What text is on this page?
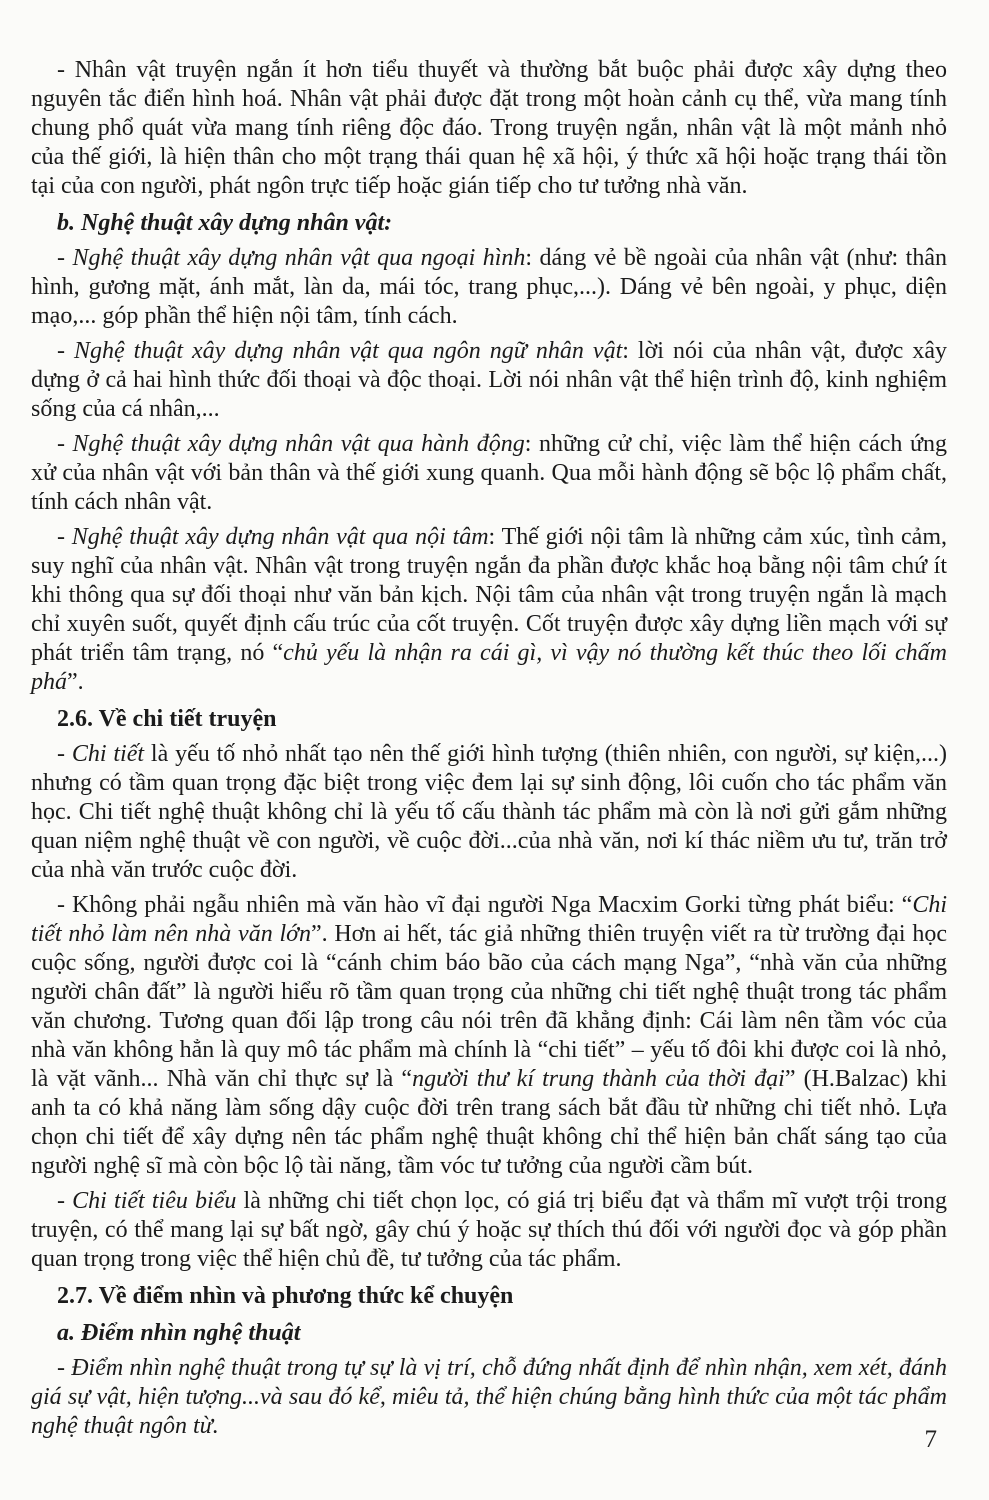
- Nhân vật truyện ngắn ít hơn tiểu thuyết và thường bắt buộc phải được xây dựng theo nguyên tắc điển hình hoá. Nhân vật phải được đặt trong một hoàn cảnh cụ thể, vừa mang tính chung phổ quát vừa mang tính riêng độc đáo. Trong truyện ngắn, nhân vật là một mảnh nhỏ của thế giới, là hiện thân cho một trạng thái quan hệ xã hội, ý thức xã hội hoặc trạng thái tồn tại của con người, phát ngôn trực tiếp hoặc gián tiếp cho tư tưởng nhà văn.

b. Nghệ thuật xây dựng nhân vật:

- Nghệ thuật xây dựng nhân vật qua ngoại hình: dáng vẻ bề ngoài của nhân vật (như: thân hình, gương mặt, ánh mắt, làn da, mái tóc, trang phục,...). Dáng vẻ bên ngoài, y phục, diện mạo,... góp phần thể hiện nội tâm, tính cách.

- Nghệ thuật xây dựng nhân vật qua ngôn ngữ nhân vật: lời nói của nhân vật, được xây dựng ở cả hai hình thức đối thoại và độc thoại. Lời nói nhân vật thể hiện trình độ, kinh nghiệm sống của cá nhân,...

- Nghệ thuật xây dựng nhân vật qua hành động: những cử chỉ, việc làm thể hiện cách ứng xử của nhân vật với bản thân và thế giới xung quanh. Qua mỗi hành động sẽ bộc lộ phẩm chất, tính cách nhân vật.

- Nghệ thuật xây dựng nhân vật qua nội tâm: Thế giới nội tâm là những cảm xúc, tình cảm, suy nghĩ của nhân vật. Nhân vật trong truyện ngắn đa phần được khắc hoạ bằng nội tâm chứ ít khi thông qua sự đối thoại như văn bản kịch. Nội tâm của nhân vật trong truyện ngắn là mạch chỉ xuyên suốt, quyết định cấu trúc của cốt truyện. Cốt truyện được xây dựng liền mạch với sự phát triển tâm trạng, nó “chủ yếu là nhận ra cái gì, vì vậy nó thường kết thúc theo lối chấm phá”.

2.6. Về chi tiết truyện

- Chi tiết là yếu tố nhỏ nhất tạo nên thế giới hình tượng (thiên nhiên, con người, sự kiện,...) nhưng có tầm quan trọng đặc biệt trong việc đem lại sự sinh động, lôi cuốn cho tác phẩm văn học. Chi tiết nghệ thuật không chỉ là yếu tố cấu thành tác phẩm mà còn là nơi gửi gắm những quan niệm nghệ thuật về con người, về cuộc đời...của nhà văn, nơi kí thác niềm ưu tư, trăn trở của nhà văn trước cuộc đời.

- Không phải ngẫu nhiên mà văn hào vĩ đại người Nga Macxim Gorki từng phát biểu: “Chi tiết nhỏ làm nên nhà văn lớn”. Hơn ai hết, tác giả những thiên truyện viết ra từ trường đại học cuộc sống, người được coi là “cánh chim báo bão của cách mạng Nga”, “nhà văn của những người chân đất” là người hiểu rõ tầm quan trọng của những chi tiết nghệ thuật trong tác phẩm văn chương. Tương quan đối lập trong câu nói trên đã khẳng định: Cái làm nên tầm vóc của nhà văn không hẳn là quy mô tác phẩm mà chính là “chi tiết” – yếu tố đôi khi được coi là nhỏ, là vặt vãnh... Nhà văn chỉ thực sự là “người thư kí trung thành của thời đại” (H.Balzac) khi anh ta có khả năng làm sống dậy cuộc đời trên trang sách bắt đầu từ những chi tiết nhỏ. Lựa chọn chi tiết để xây dựng nên tác phẩm nghệ thuật không chỉ thể hiện bản chất sáng tạo của người nghệ sĩ mà còn bộc lộ tài năng, tầm vóc tư tưởng của người cầm bút.

- Chi tiết tiêu biểu là những chi tiết chọn lọc, có giá trị biểu đạt và thẩm mĩ vượt trội trong truyện, có thể mang lại sự bất ngờ, gây chú ý hoặc sự thích thú đối với người đọc và góp phần quan trọng trong việc thể hiện chủ đề, tư tưởng của tác phẩm.

2.7. Về điểm nhìn và phương thức kể chuyện

a. Điểm nhìn nghệ thuật

- Điểm nhìn nghệ thuật trong tự sự là vị trí, chỗ đứng nhất định để nhìn nhận, xem xét, đánh giá sự vật, hiện tượng...và sau đó kể, miêu tả, thể hiện chúng bằng hình thức của một tác phẩm nghệ thuật ngôn từ.	7
